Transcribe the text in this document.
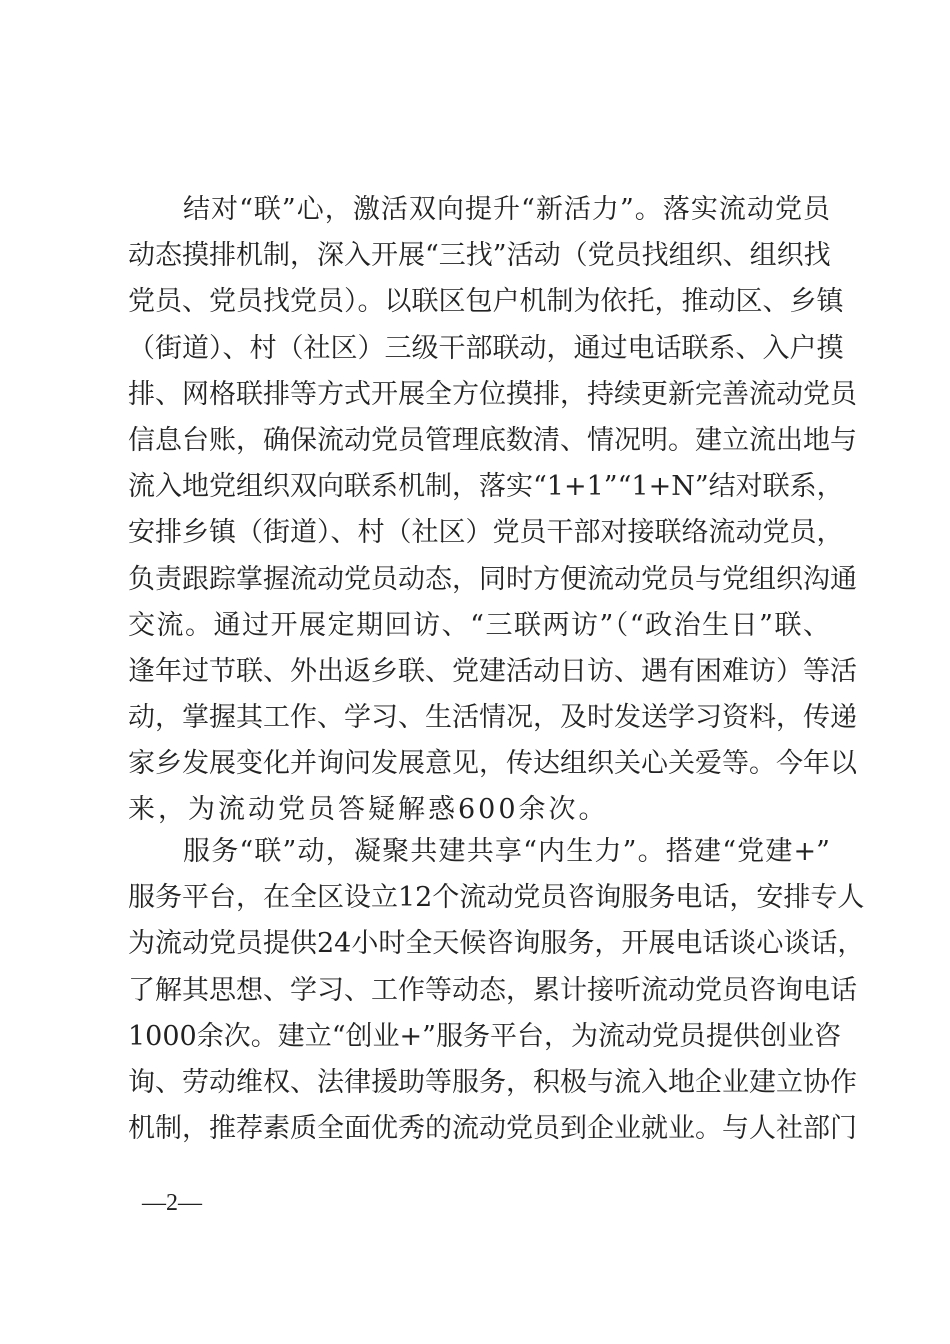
结对“联”心，激活双向提升“新活力”。落实流动党员
动态摸排机制，深入开展“三找”活动（党员找组织、组织找
党员、党员找党员）。以联区包户机制为依托，推动区、乡镇
（街道）、村（社区）三级干部联动，通过电话联系、入户摸
排、网格联排等方式开展全方位摸排，持续更新完善流动党员
信息台账，确保流动党员管理底数清、情况明。建立流出地与
流入地党组织双向联系机制，落实“1+1”“1+N”结对联系，
安排乡镇（街道）、村（社区）党员干部对接联络流动党员，
负责跟踪掌握流动党员动态，同时方便流动党员与党组织沟通
交流。通过开展定期回访、“三联两访”（“政治生日”联、
逢年过节联、外出返乡联、党建活动日访、遇有困难访）等活
动，掌握其工作、学习、生活情况，及时发送学习资料，传递
家乡发展变化并询问发展意见，传达组织关心关爱等。今年以
来，为流动党员答疑解惑600余次。
服务“联”动，凝聚共建共享“内生力”。搭建“党建+”
服务平台，在全区设立12个流动党员咨询服务电话，安排专人
为流动党员提供24小时全天候咨询服务，开展电话谈心谈话，
了解其思想、学习、工作等动态，累计接听流动党员咨询电话
1000余次。建立“创业+”服务平台，为流动党员提供创业咨
询、劳动维权、法律援助等服务，积极与流入地企业建立协作
机制，推荐素质全面优秀的流动党员到企业就业。与人社部门
—2—
